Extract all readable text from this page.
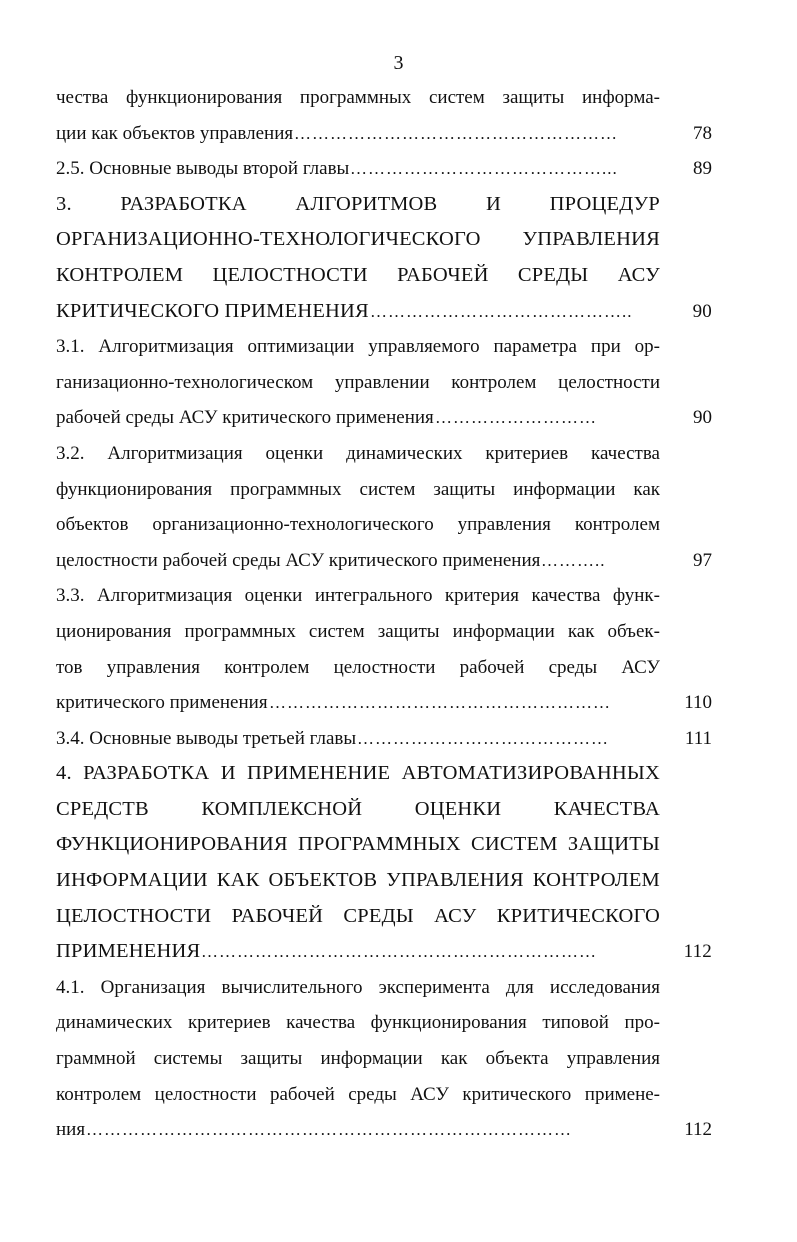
3
чества функционирования программных систем защиты информа-
ции как объектов управления ………………………………………………	78
2.5. Основные выводы второй главы ……………………………………...	89
3. РАЗРАБОТКА АЛГОРИТМОВ И ПРОЦЕДУР
ОРГАНИЗАЦИОННО-ТЕХНОЛОГИЧЕСКОГО УПРАВЛЕНИЯ
КОНТРОЛЕМ ЦЕЛОСТНОСТИ РАБОЧЕЙ СРЕДЫ АСУ
КРИТИЧЕСКОГО ПРИМЕНЕНИЯ ……………………………………..	90
3.1. Алгоритмизация оптимизации управляемого параметра при ор-
ганизационно-технологическом управлении контролем целостности
рабочей среды АСУ критического применения ………………………	90
3.2. Алгоритмизация оценки динамических критериев качества
функционирования программных систем защиты информации как
объектов организационно-технологического управления контролем
целостности рабочей среды АСУ критического применения ………..	97
3.3. Алгоритмизация оценки интегрального критерия качества функ-
ционирования программных систем защиты информации как объек-
тов управления контролем целостности рабочей среды АСУ
критического применения …………………………………………………	110
3.4. Основные выводы третьей главы ……………………………………	111
4. РАЗРАБОТКА И ПРИМЕНЕНИЕ АВТОМАТИЗИРОВАННЫХ
СРЕДСТВ КОМПЛЕКСНОЙ ОЦЕНКИ КАЧЕСТВА
ФУНКЦИОНИРОВАНИЯ ПРОГРАММНЫХ СИСТЕМ ЗАЩИТЫ
ИНФОРМАЦИИ КАК ОБЪЕКТОВ УПРАВЛЕНИЯ КОНТРОЛЕМ
ЦЕЛОСТНОСТИ РАБОЧЕЙ СРЕДЫ АСУ КРИТИЧЕСКОГО
ПРИМЕНЕНИЯ …………………………………………………………	112
4.1. Организация вычислительного эксперимента для исследования
динамических критериев качества функционирования типовой про-
граммной системы защиты информации как объекта управления
контролем целостности рабочей среды АСУ критического примене-
ния ………………………………………………………………………	112
